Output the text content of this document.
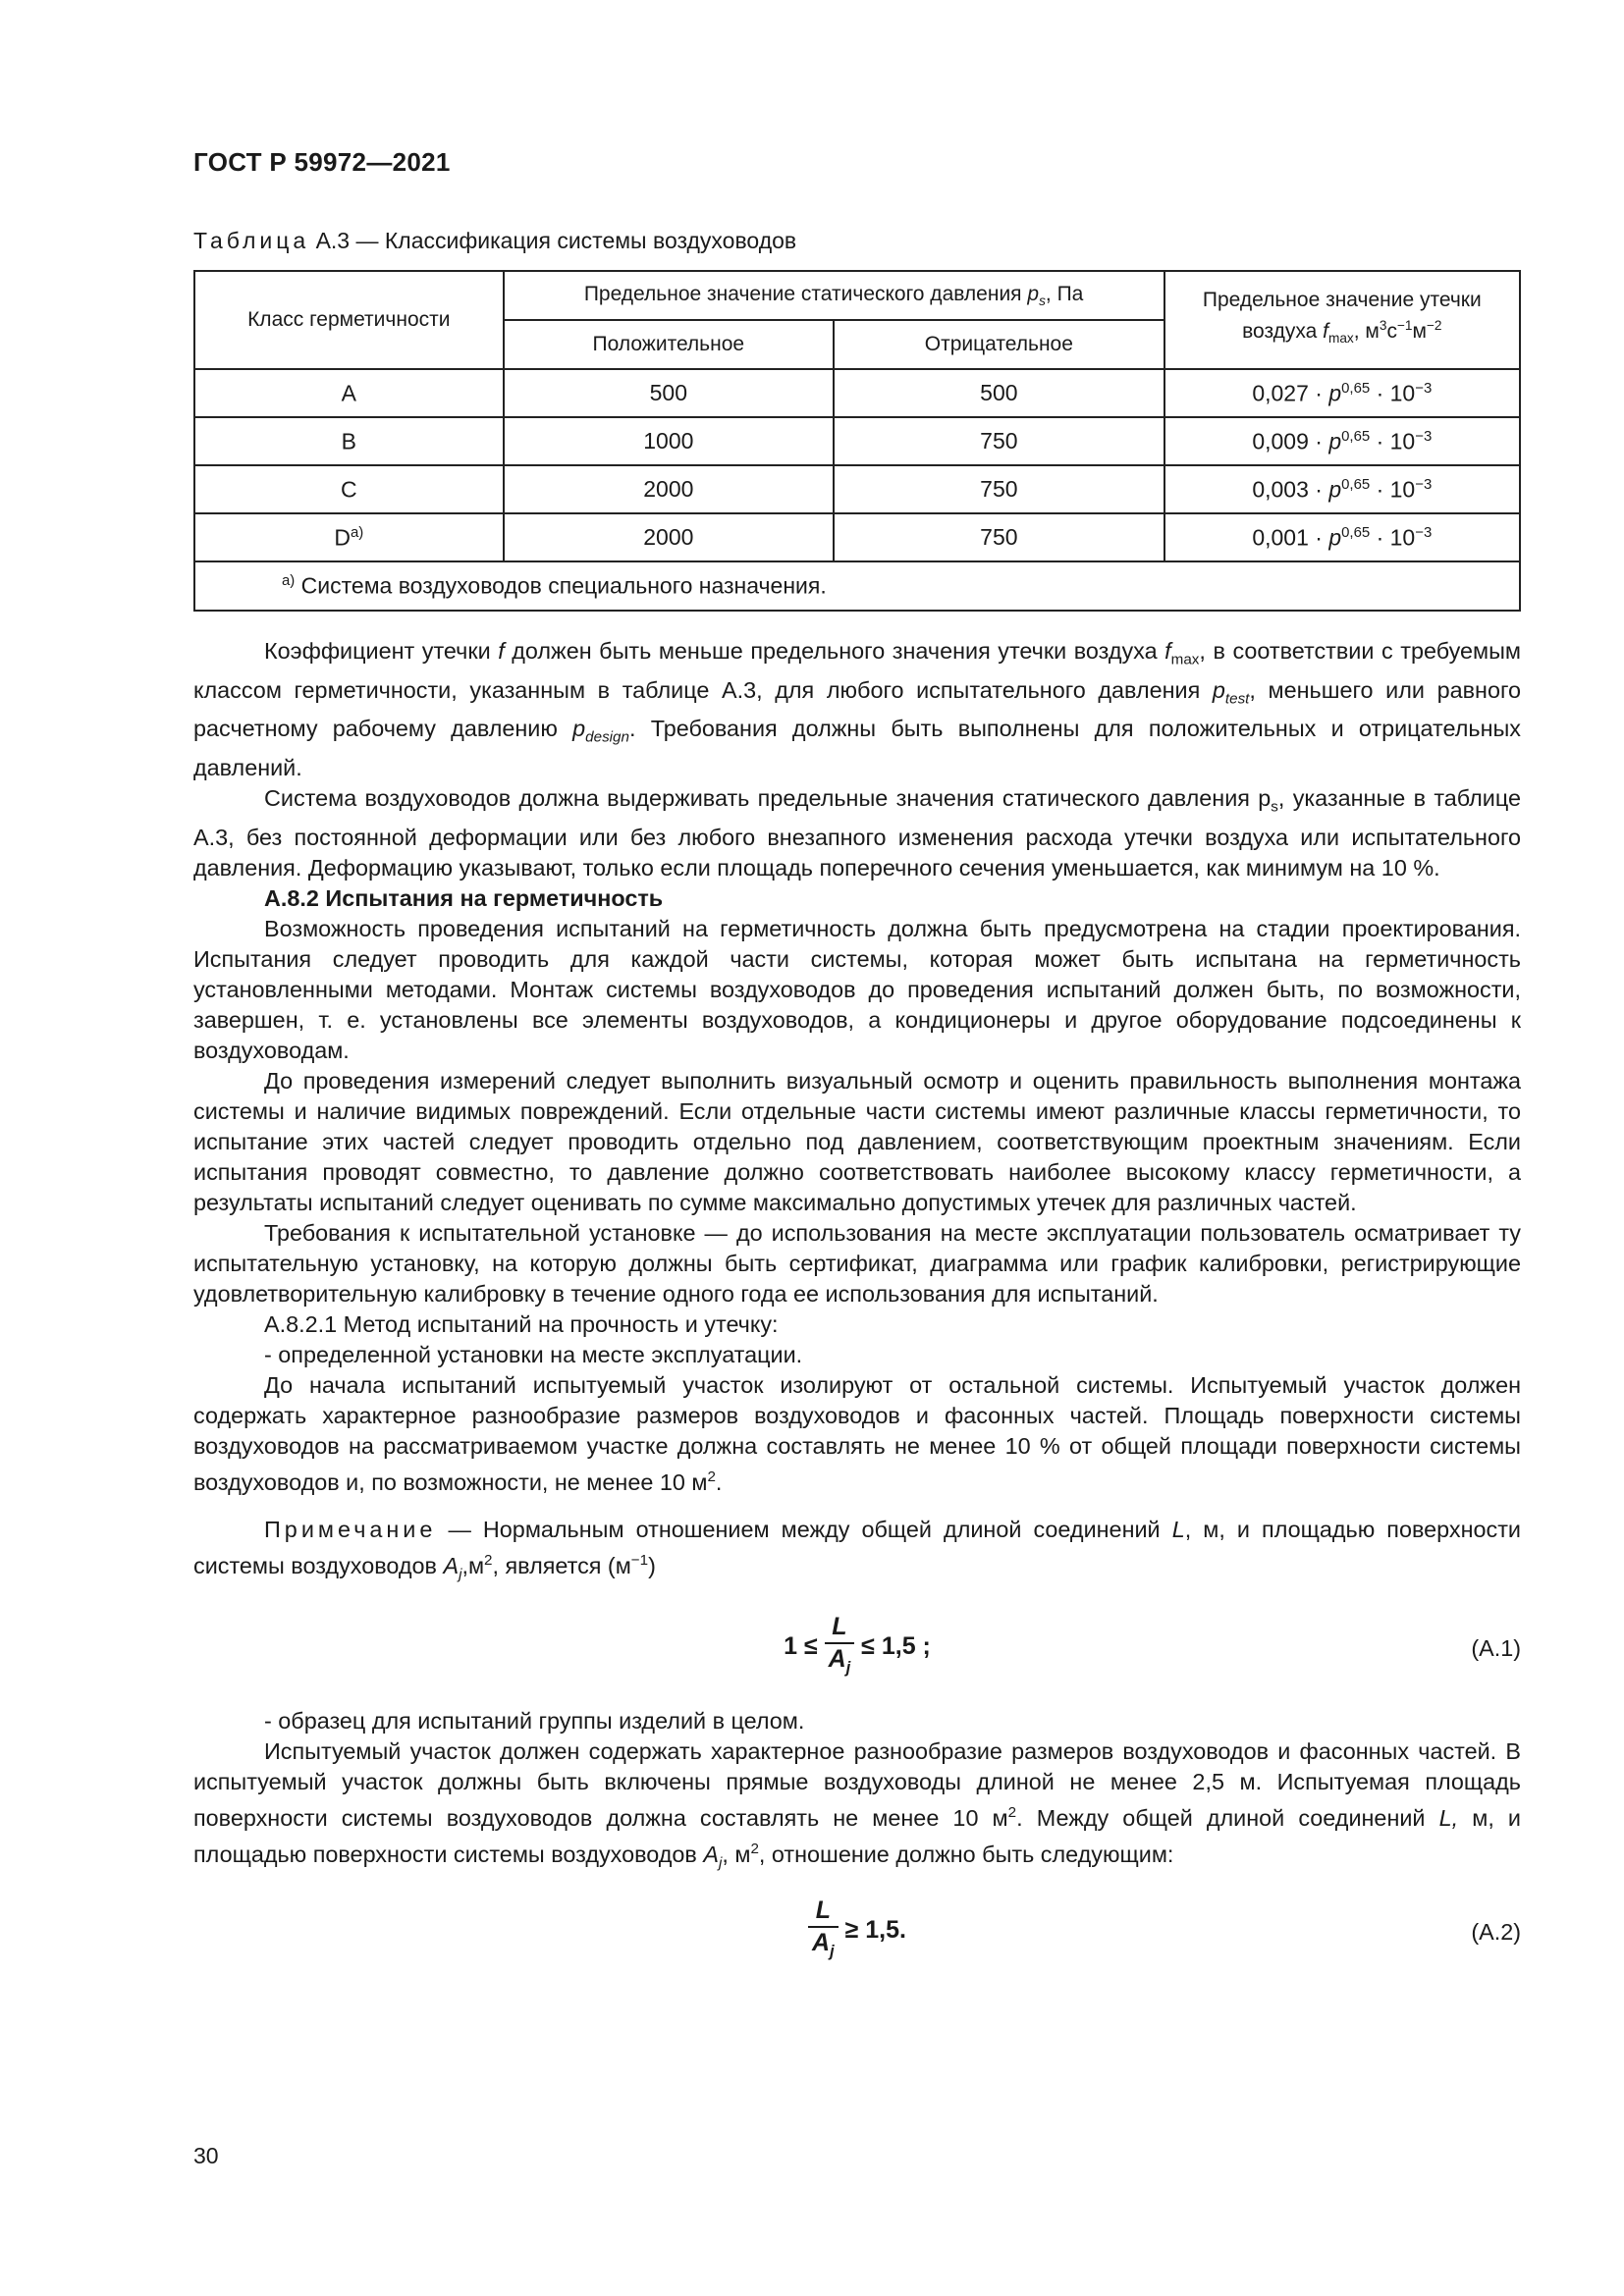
ГОСТ Р 59972—2021
Таблица А.3 — Классификация системы воздуховодов
Класс герметичности	Предельное значение статического давления $p_s$, Па		Предельное значение утечки
воздуха $f_{max}$, $м^3с^{-1}м^{-2}$
	Положительное	Отрицательное	
A	500	500	$0,027 \cdot p^{0,65} \cdot 10^{-3}$
B	1000	750	$0,009 \cdot p^{0,65} \cdot 10^{-3}$
C	2000	750	$0,003 \cdot p^{0,65} \cdot 10^{-3}$
$D^{а)}$	2000	750	$0,001 \cdot p^{0,65} \cdot 10^{-3}$
$^{а)}$ Система воздуховодов специального назначения.			

Коэффициент утечки f должен быть меньше предельного значения утечки воздуха $f_{max}$, в соответствии с требуемым классом герметичности, указанным в таблице А.3, для любого испытательного давления $p_{test}$, меньшего или равного расчетному рабочему давлению $p_{design}$. Требования должны быть выполнены для положительных и отрицательных давлений.

Система воздуховодов должна выдерживать предельные значения статического давления $p_s$, указанные в таблице А.3, без постоянной деформации или без любого внезапного изменения расхода утечки воздуха или испытательного давления. Деформацию указывают, только если площадь поперечного сечения уменьшается, как минимум на 10 %.

А.8.2 Испытания на герметичность

Возможность проведения испытаний на герметичность должна быть предусмотрена на стадии проектирования. Испытания следует проводить для каждой части системы, которая может быть испытана на герметичность установленными методами. Монтаж системы воздуховодов до проведения испытаний должен быть, по возможности, завершен, т. е. установлены все элементы воздуховодов, а кондиционеры и другое оборудование подсоединены к воздуховодам.

До проведения измерений следует выполнить визуальный осмотр и оценить правильность выполнения монтажа системы и наличие видимых повреждений. Если отдельные части системы имеют различные классы герметичности, то испытание этих частей следует проводить отдельно под давлением, соответствующим проектным значениям. Если испытания проводят совместно, то давление должно соответствовать наиболее высокому классу герметичности, а результаты испытаний следует оценивать по сумме максимально допустимых утечек для различных частей.

Требования к испытательной установке — до использования на месте эксплуатации пользователь осматривает ту испытательную установку, на которую должны быть сертификат, диаграмма или график калибровки, регистрирующие удовлетворительную калибровку в течение одного года ее использования для испытаний.

А.8.2.1 Метод испытаний на прочность и утечку:

- определенной установки на месте эксплуатации.

До начала испытаний испытуемый участок изолируют от остальной системы. Испытуемый участок должен содержать характерное разнообразие размеров воздуховодов и фасонных частей. Площадь поверхности системы воздуховодов на рассматриваемом участке должна составлять не менее 10 % от общей площади поверхности системы воздуховодов и, по возможности, не менее 10 $м^2$.

Примечание — Нормальным отношением между общей длиной соединений L, м, и площадью поверхности системы воздуховодов $A_j,м^2$, является $(м^{-1})$

$1 \le \frac{L}{A_j} \le 1,5$ ;	(А.1)

- образец для испытаний группы изделий в целом.

Испытуемый участок должен содержать характерное разнообразие размеров воздуховодов и фасонных частей. В испытуемый участок должны быть включены прямые воздуховоды длиной не менее 2,5 м. Испытуемая площадь поверхности системы воздуховодов должна составлять не менее 10 $м^2$. Между общей длиной соединений L, м, и площадью поверхности системы воздуховодов $A_j$, $м^2$, отношение должно быть следующим:

$\frac{L}{A_j} \ge 1,5$.	(А.2)
30
